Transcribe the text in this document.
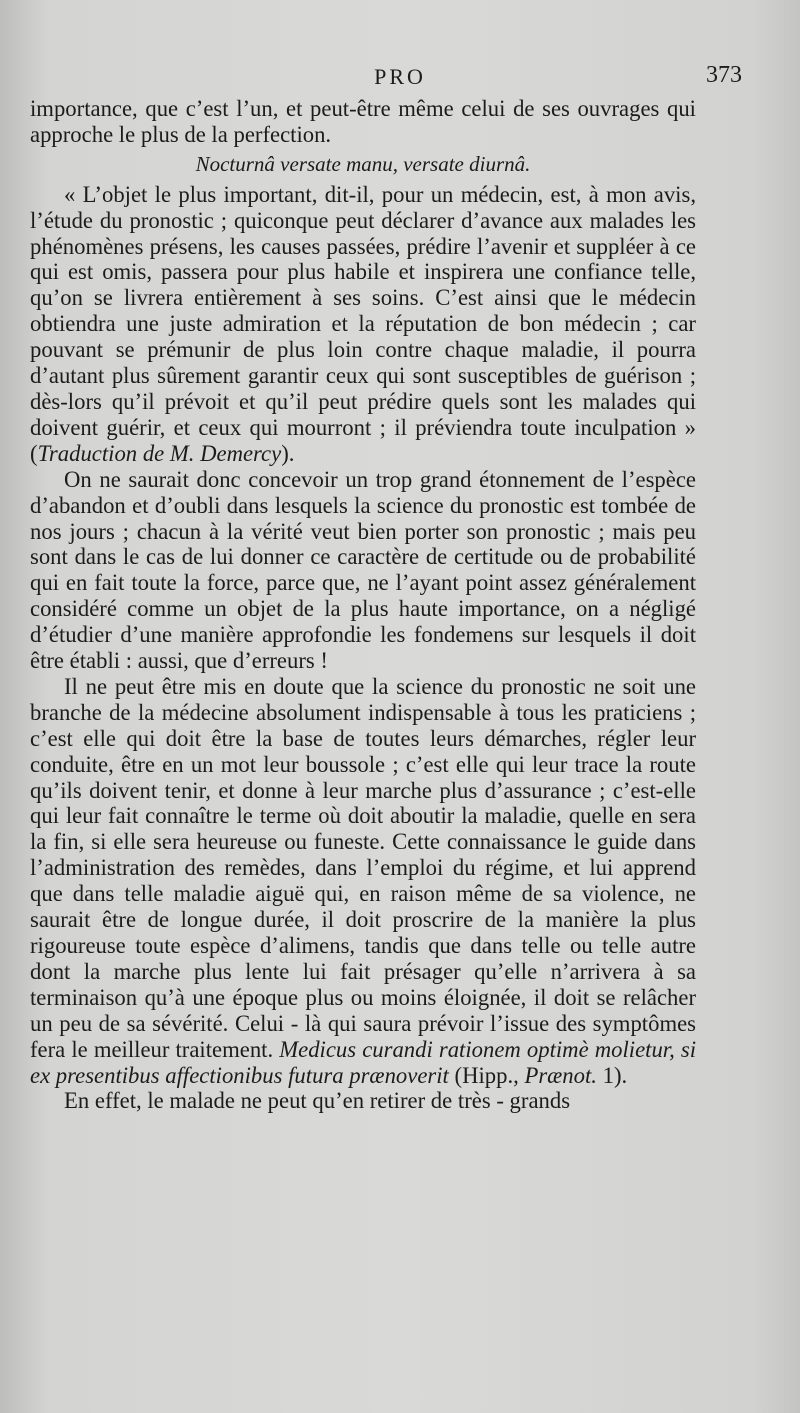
PRO	373

importance, que c’est l’un, et peut-être même celui de ses ouvrages qui approche le plus de la perfection.

Nocturnâ versate manu, versate diurnâ.

« L’objet le plus important, dit-il, pour un médecin, est, à mon avis, l’étude du pronostic ; quiconque peut déclarer d’avance aux malades les phénomènes présens, les causes passées, prédire l’avenir et suppléer à ce qui est omis, passera pour plus habile et inspirera une confiance telle, qu’on se livrera entièrement à ses soins. C’est ainsi que le médecin obtiendra une juste admiration et la réputation de bon médecin ; car pouvant se prémunir de plus loin contre chaque maladie, il pourra d’autant plus sûrement garantir ceux qui sont susceptibles de guérison ; dès-lors qu’il prévoit et qu’il peut prédire quels sont les malades qui doivent guérir, et ceux qui mourront ; il préviendra toute inculpation » (Traduction de M. Demercy).

On ne saurait donc concevoir un trop grand étonnement de l’espèce d’abandon et d’oubli dans lesquels la science du pronostic est tombée de nos jours ; chacun à la vérité veut bien porter son pronostic ; mais peu sont dans le cas de lui donner ce caractère de certitude ou de probabilité qui en fait toute la force, parce que, ne l’ayant point assez généralement considéré comme un objet de la plus haute importance, on a négligé d’étudier d’une manière approfondie les fondemens sur lesquels il doit être établi : aussi, que d’erreurs !

Il ne peut être mis en doute que la science du pronostic ne soit une branche de la médecine absolument indispensable à tous les praticiens ; c’est elle qui doit être la base de toutes leurs démarches, régler leur conduite, être en un mot leur boussole ; c’est elle qui leur trace la route qu’ils doivent tenir, et donne à leur marche plus d’assurance ; c’est-elle qui leur fait connaître le terme où doit aboutir la maladie, quelle en sera la fin, si elle sera heureuse ou funeste. Cette connaissance le guide dans l’administration des remèdes, dans l’emploi du régime, et lui apprend que dans telle maladie aiguë qui, en raison même de sa violence, ne saurait être de longue durée, il doit proscrire de la manière la plus rigoureuse toute espèce d’alimens, tandis que dans telle ou telle autre dont la marche plus lente lui fait présager qu’elle n’arrivera à sa terminaison qu’à une époque plus ou moins éloignée, il doit se relâcher un peu de sa sévérité. Celui - là qui saura prévoir l’issue des symptômes fera le meilleur traitement. Medicus curandi rationem optimè molietur, si ex presentibus affectionibus futura prænoverit (Hipp., Prænot. 1).

En effet, le malade ne peut qu’en retirer de très - grands
